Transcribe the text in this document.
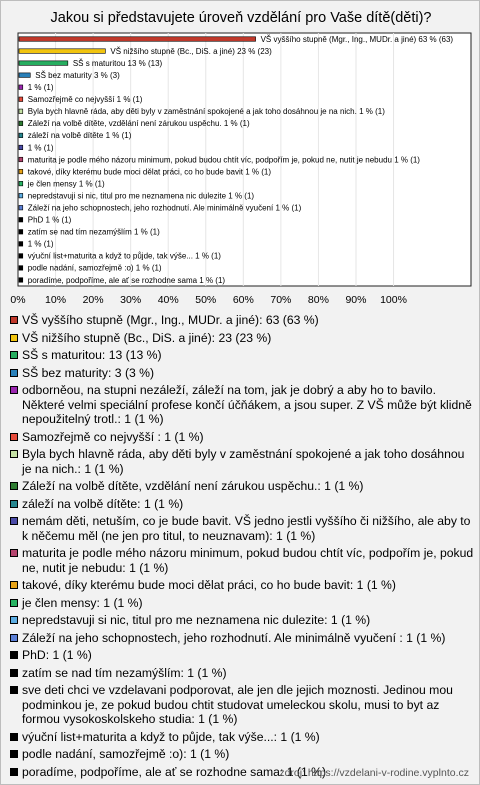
Jakou si představujete úroveň vzdělání pro Vaše dítě(děti)?
0% 10% 20% 30% 40% 50% 60% 70% 80% 90% 100%
VŠ vyššího stupně (Mgr., Ing., MUDr. a jiné) 63 % (63)
VŠ nižšího stupně (Bc., DiS. a jiné) 23 % (23)
SŠ s maturitou 13 % (13)
SŠ bez maturity 3 % (3)
1 % (1)
Samozřejmě co nejvyšší 1 % (1)
Byla bych hlavně ráda, aby děti byly v zaměstnání spokojené a jak toho dosáhnou je na nich. 1 % (1)
Záleží na volbě dítěte, vzdělání není zárukou uspěchu. 1 % (1)
záleží na volbě dítěte 1 % (1)
1 % (1)
maturita je podle mého názoru minimum, pokud budou chtít víc, podpořím je, pokud ne, nutit je nebudu 1 % (1)
takové, díky kterému bude moci dělat práci, co ho bude bavit 1 % (1)
je člen mensy 1 % (1)
nepredstavuji si nic, titul pro me neznamena nic dulezite 1 % (1)
Záleží na jeho schopnostech, jeho rozhodnutí. Ale minimálně vyučení 1 % (1)
PhD 1 % (1)
zatím se nad tím nezamýšlím 1 % (1)
1 % (1)
výuční list+maturita a když to půjde, tak výše... 1 % (1)
podle nadání, samozřejmě :o) 1 % (1)
poradíme, podpoříme, ale ať se rozhodne sama 1 % (1)
VŠ vyššího stupně (Mgr., Ing., MUDr. a jiné): 63 (63 %)
VŠ nižšího stupně (Bc., DiS. a jiné): 23 (23 %)
SŠ s maturitou: 13 (13 %)
SŠ bez maturity: 3 (3 %)
odborněou, na stupni nezáleží, záleží na tom, jak je dobrý a aby ho to bavilo. Některé velmi speciální profese končí účňákem, a jsou super. Z VŠ může být klidně nepoužitelný trotl.: 1 (1 %)
Samozřejmě co nejvyšší : 1 (1 %)
Byla bych hlavně ráda, aby děti byly v zaměstnání spokojené a jak toho dosáhnou je na nich.: 1 (1 %)
Záleží na volbě dítěte, vzdělání není zárukou uspěchu.: 1 (1 %)
záleží na volbě dítěte: 1 (1 %)
nemám děti, netuším, co je bude bavit. VŠ jedno jestli vyššího či nižšího, ale aby to k něčemu měl (ne jen pro titul, to neuznavam): 1 (1 %)
maturita je podle mého názoru minimum, pokud budou chtít víc, podpořím je, pokud ne, nutit je nebudu: 1 (1 %)
takové, díky kterému bude moci dělat práci, co ho bude bavit: 1 (1 %)
je člen mensy: 1 (1 %)
nepredstavuji si nic, titul pro me neznamena nic dulezite: 1 (1 %)
Záleží na jeho schopnostech, jeho rozhodnutí. Ale minimálně vyučení : 1 (1 %)
PhD: 1 (1 %)
zatím se nad tím nezamýšlím: 1 (1 %)
sve deti chci ve vzdelavani podporovat, ale jen dle jejich moznosti. Jedinou mou podminkou je, ze pokud budou chtit studovat umeleckou skolu, musi to byt az formou vysokoskolskeho studia: 1 (1 %)
výuční list+maturita a když to půjde, tak výše...: 1 (1 %)
podle nadání, samozřejmě :o): 1 (1 %)
poradíme, podpoříme, ale ať se rozhodne sama: 1 (1 %)
zdroj: https://vzdelani-v-rodine.vyplnto.cz
